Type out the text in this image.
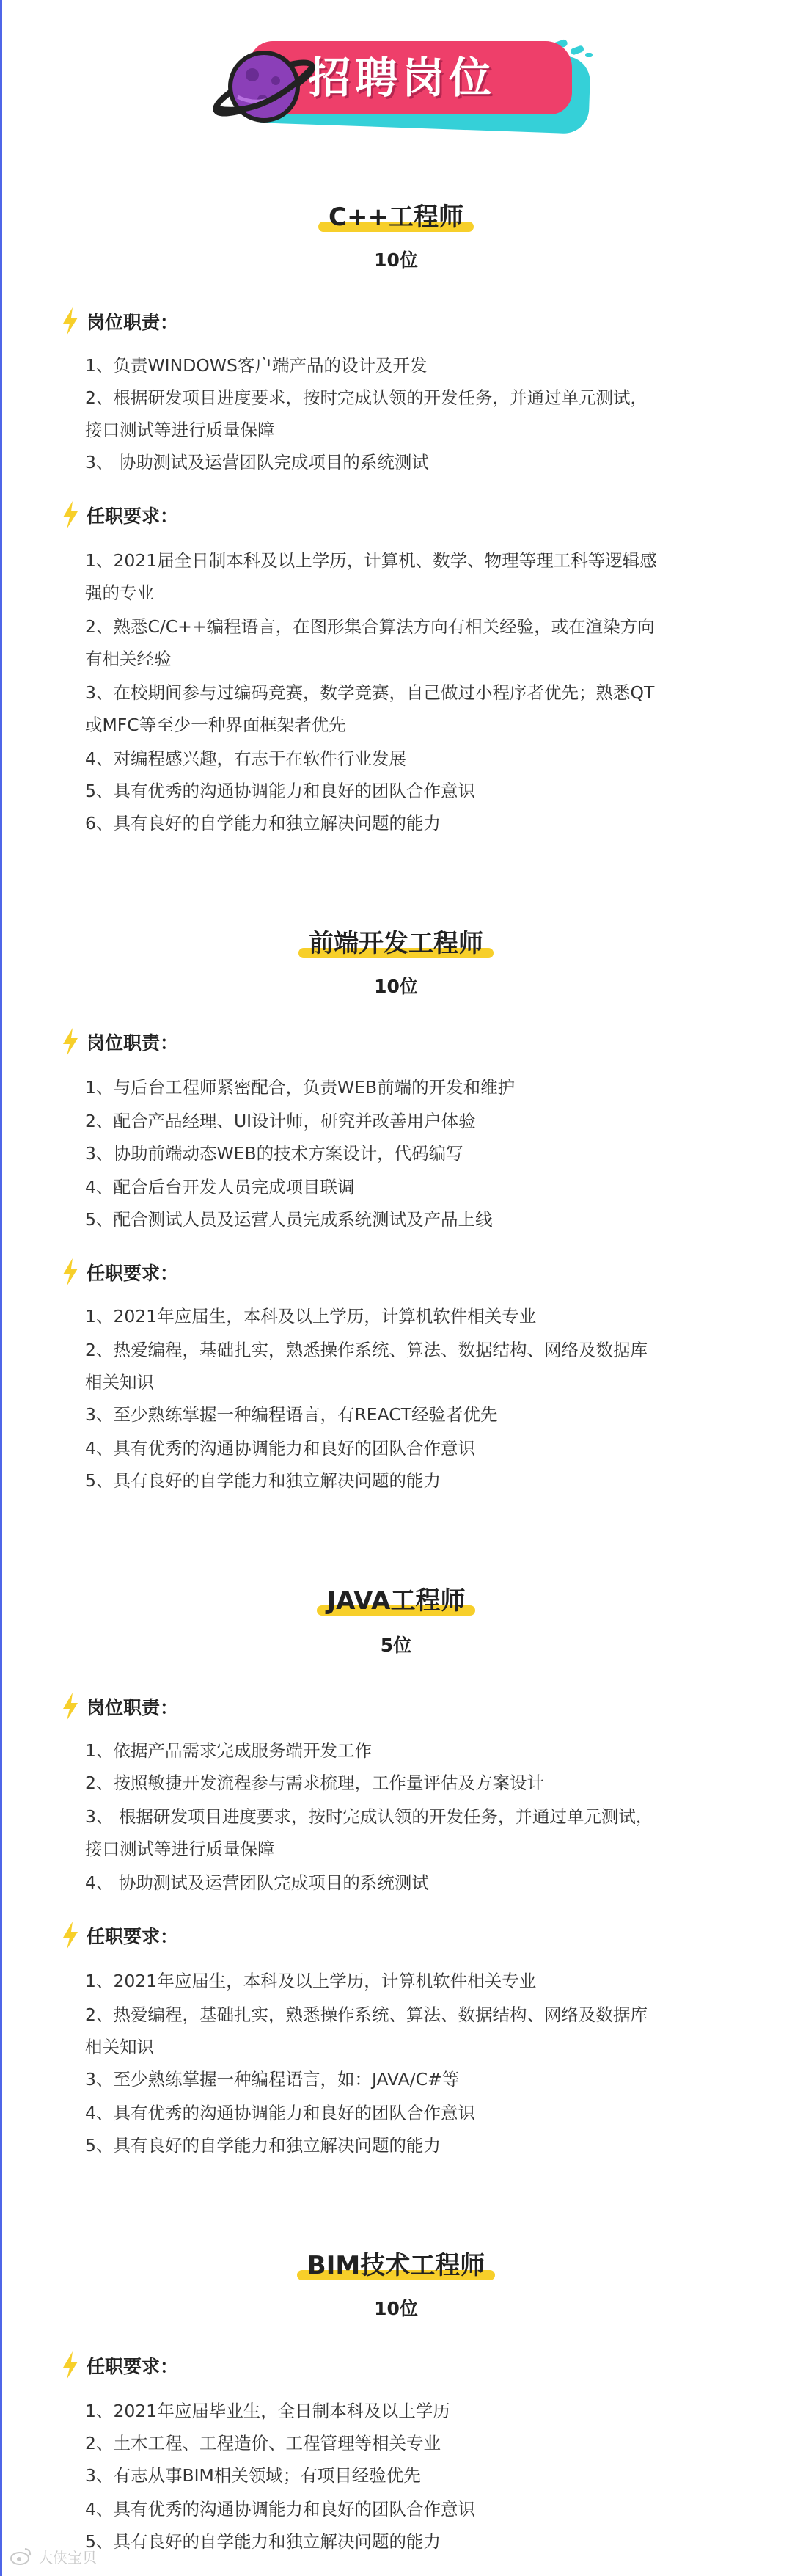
招聘岗位
C++工程师
10位
岗位职责：
1、负责WINDOWS客户端产品的设计及开发
2、根据研发项目进度要求，按时完成认领的开发任务，并通过单元测试，
接口测试等进行质量保障
3、 协助测试及运营团队完成项目的系统测试
任职要求：
1、2021届全日制本科及以上学历，计算机、数学、物理等理工科等逻辑感
强的专业
2、熟悉C/C++编程语言，在图形集合算法方向有相关经验，或在渲染方向
有相关经验
3、在校期间参与过编码竞赛，数学竞赛，自己做过小程序者优先；熟悉QT
或MFC等至少一种界面框架者优先
4、对编程感兴趣，有志于在软件行业发展
5、具有优秀的沟通协调能力和良好的团队合作意识
6、具有良好的自学能力和独立解决问题的能力
前端开发工程师
10位
岗位职责：
1、与后台工程师紧密配合，负责WEB前端的开发和维护
2、配合产品经理、UI设计师，研究并改善用户体验
3、协助前端动态WEB的技术方案设计，代码编写
4、配合后台开发人员完成项目联调
5、配合测试人员及运营人员完成系统测试及产品上线
任职要求：
1、2021年应届生，本科及以上学历，计算机软件相关专业
2、热爱编程，基础扎实，熟悉操作系统、算法、数据结构、网络及数据库
相关知识
3、至少熟练掌握一种编程语言，有REACT经验者优先
4、具有优秀的沟通协调能力和良好的团队合作意识
5、具有良好的自学能力和独立解决问题的能力
JAVA工程师
5位
岗位职责：
1、依据产品需求完成服务端开发工作
2、按照敏捷开发流程参与需求梳理，工作量评估及方案设计
3、 根据研发项目进度要求，按时完成认领的开发任务，并通过单元测试，
接口测试等进行质量保障
4、 协助测试及运营团队完成项目的系统测试
任职要求：
1、2021年应届生，本科及以上学历，计算机软件相关专业
2、热爱编程，基础扎实，熟悉操作系统、算法、数据结构、网络及数据库
相关知识
3、至少熟练掌握一种编程语言，如：JAVA/C#等
4、具有优秀的沟通协调能力和良好的团队合作意识
5、具有良好的自学能力和独立解决问题的能力
BIM技术工程师
10位
任职要求：
1、2021年应届毕业生，全日制本科及以上学历
2、土木工程、工程造价、工程管理等相关专业
3、有志从事BIM相关领域；有项目经验优先
4、具有优秀的沟通协调能力和良好的团队合作意识
5、具有良好的自学能力和独立解决问题的能力
大侠宝贝
